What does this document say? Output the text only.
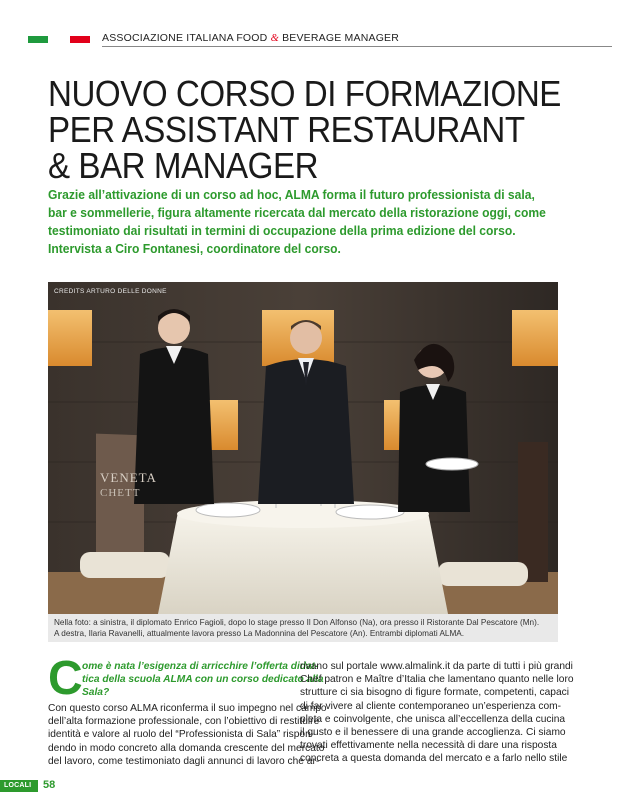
ASSOCIAZIONE ITALIANA FOOD & BEVERAGE MANAGER
NUOVO CORSO DI FORMAZIONE
PER ASSISTANT RESTAURANT
& BAR MANAGER
Grazie all’attivazione di un corso ad hoc, ALMA forma il futuro professionista di sala,
bar e sommellerie, figura altamente ricercata dal mercato della ristorazione oggi, come
testimoniato dai risultati in termini di occupazione della prima edizione del corso.
Intervista a Ciro Fontanesi, coordinatore del corso.
VENETA
CHETT
CREDITS ARTURO DELLE DONNE
Nella foto: a sinistra, il diplomato Enrico Fagioli, dopo lo stage presso Il Don Alfonso (Na), ora presso il Ristorante Dal Pescatore (Mn).
A destra, Ilaria Ravanelli, attualmente lavora presso La Madonnina del Pescatore (An). Entrambi diplomati ALMA.
C ome è nata l’esigenza di arricchire l’offerta didat-
tica della scuola ALMA con un corso dedicato alla
Sala?
Con questo corso ALMA riconferma il suo impegno nel campo
dell’alta formazione professionale, con l’obiettivo di restituire
identità e valore al ruolo del “Professionista di Sala” rispon-
dendo in modo concreto alla domanda crescente del mercato
del lavoro, come testimoniato dagli annunci di lavoro che ar-
rivano sul portale www.almalink.it da parte di tutti i più grandi
Chef patron e Maître d’Italia che lamentano quanto nelle loro
strutture ci sia bisogno di figure formate, competenti, capaci
di far vivere al cliente contemporaneo un’esperienza com-
pleta e coinvolgente, che unisca all’eccellenza della cucina
il gusto e il benessere di una grande accoglienza. Ci siamo
trovati effettivamente nella necessità di dare una risposta
concreta a questa domanda del mercato e a farlo nello stile
LOCALI TOP
58
